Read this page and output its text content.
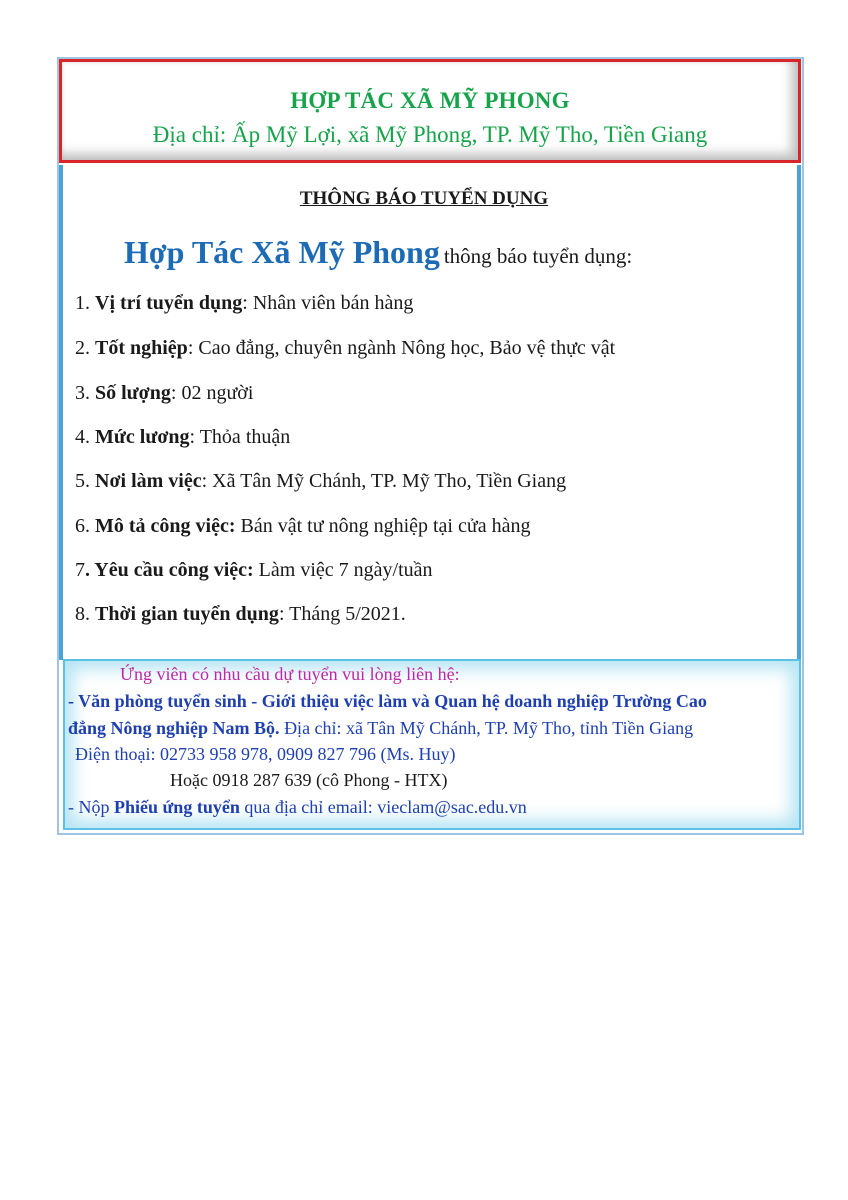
HỢP TÁC XÃ MỸ PHONG
Địa chỉ: Ấp Mỹ Lợi, xã Mỹ Phong, TP. Mỹ Tho, Tiền Giang
THÔNG BÁO TUYỂN DỤNG
Hợp Tác Xã Mỹ Phong thông báo tuyển dụng:
1. Vị trí tuyển dụng: Nhân viên bán hàng
2. Tốt nghiệp: Cao đẳng, chuyên ngành Nông học, Bảo vệ thực vật
3. Số lượng: 02 người
4. Mức lương: Thỏa thuận
5. Nơi làm việc: Xã Tân Mỹ Chánh, TP. Mỹ Tho, Tiền Giang
6. Mô tả công việc: Bán vật tư nông nghiệp tại cửa hàng
7. Yêu cầu công việc: Làm việc 7 ngày/tuần
8. Thời gian tuyển dụng: Tháng 5/2021.
Ứng viên có nhu cầu dự tuyển vui lòng liên hệ:
- Văn phòng tuyển sinh - Giới thiệu việc làm và Quan hệ doanh nghiệp Trường Cao
đẳng Nông nghiệp Nam Bộ. Địa chỉ: xã Tân Mỹ Chánh, TP. Mỹ Tho, tỉnh Tiền Giang
Điện thoại: 02733 958 978, 0909 827 796 (Ms. Huy)
Hoặc 0918 287 639 (cô Phong - HTX)
- Nộp Phiếu ứng tuyển qua địa chỉ email: vieclam@sac.edu.vn
